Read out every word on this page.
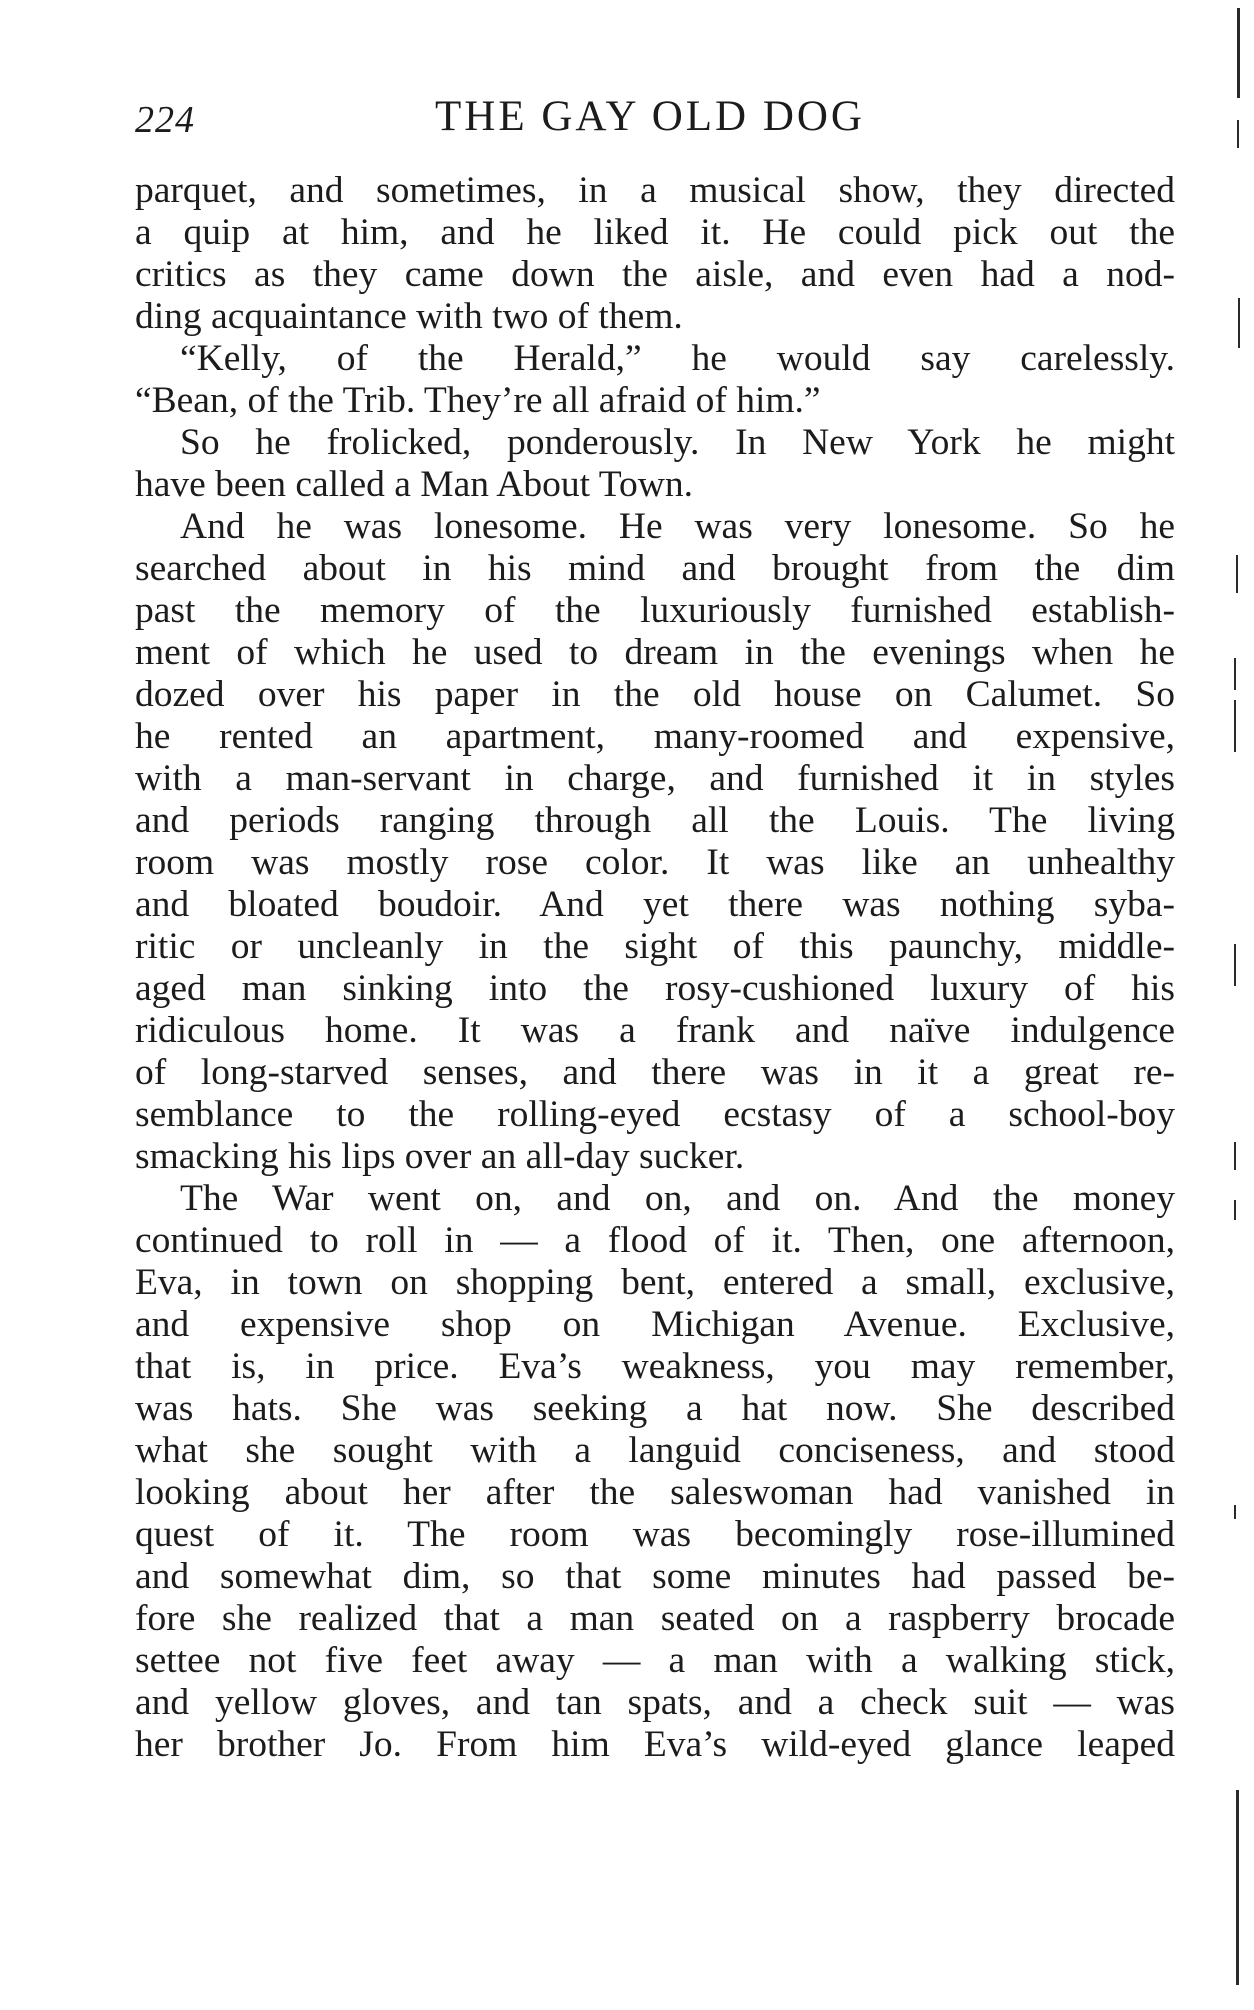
224	THE GAY OLD DOG
parquet, and sometimes, in a musical show, they directed
a quip at him, and he liked it. He could pick out the
critics as they came down the aisle, and even had a nod-
ding acquaintance with two of them.
“Kelly, of the Herald,” he would say carelessly.
“Bean, of the Trib. They’re all afraid of him.”
So he frolicked, ponderously. In New York he might
have been called a Man About Town.
And he was lonesome. He was very lonesome. So he
searched about in his mind and brought from the dim
past the memory of the luxuriously furnished establish-
ment of which he used to dream in the evenings when he
dozed over his paper in the old house on Calumet. So
he rented an apartment, many-roomed and expensive,
with a man-servant in charge, and furnished it in styles
and periods ranging through all the Louis. The living
room was mostly rose color. It was like an unhealthy
and bloated boudoir. And yet there was nothing syba-
ritic or uncleanly in the sight of this paunchy, middle-
aged man sinking into the rosy-cushioned luxury of his
ridiculous home. It was a frank and naïve indulgence
of long-starved senses, and there was in it a great re-
semblance to the rolling-eyed ecstasy of a school-boy
smacking his lips over an all-day sucker.
The War went on, and on, and on. And the money
continued to roll in — a flood of it. Then, one afternoon,
Eva, in town on shopping bent, entered a small, exclusive,
and expensive shop on Michigan Avenue. Exclusive,
that is, in price. Eva’s weakness, you may remember,
was hats. She was seeking a hat now. She described
what she sought with a languid conciseness, and stood
looking about her after the saleswoman had vanished in
quest of it. The room was becomingly rose-illumined
and somewhat dim, so that some minutes had passed be-
fore she realized that a man seated on a raspberry brocade
settee not five feet away — a man with a walking stick,
and yellow gloves, and tan spats, and a check suit — was
her brother Jo. From him Eva’s wild-eyed glance leaped
